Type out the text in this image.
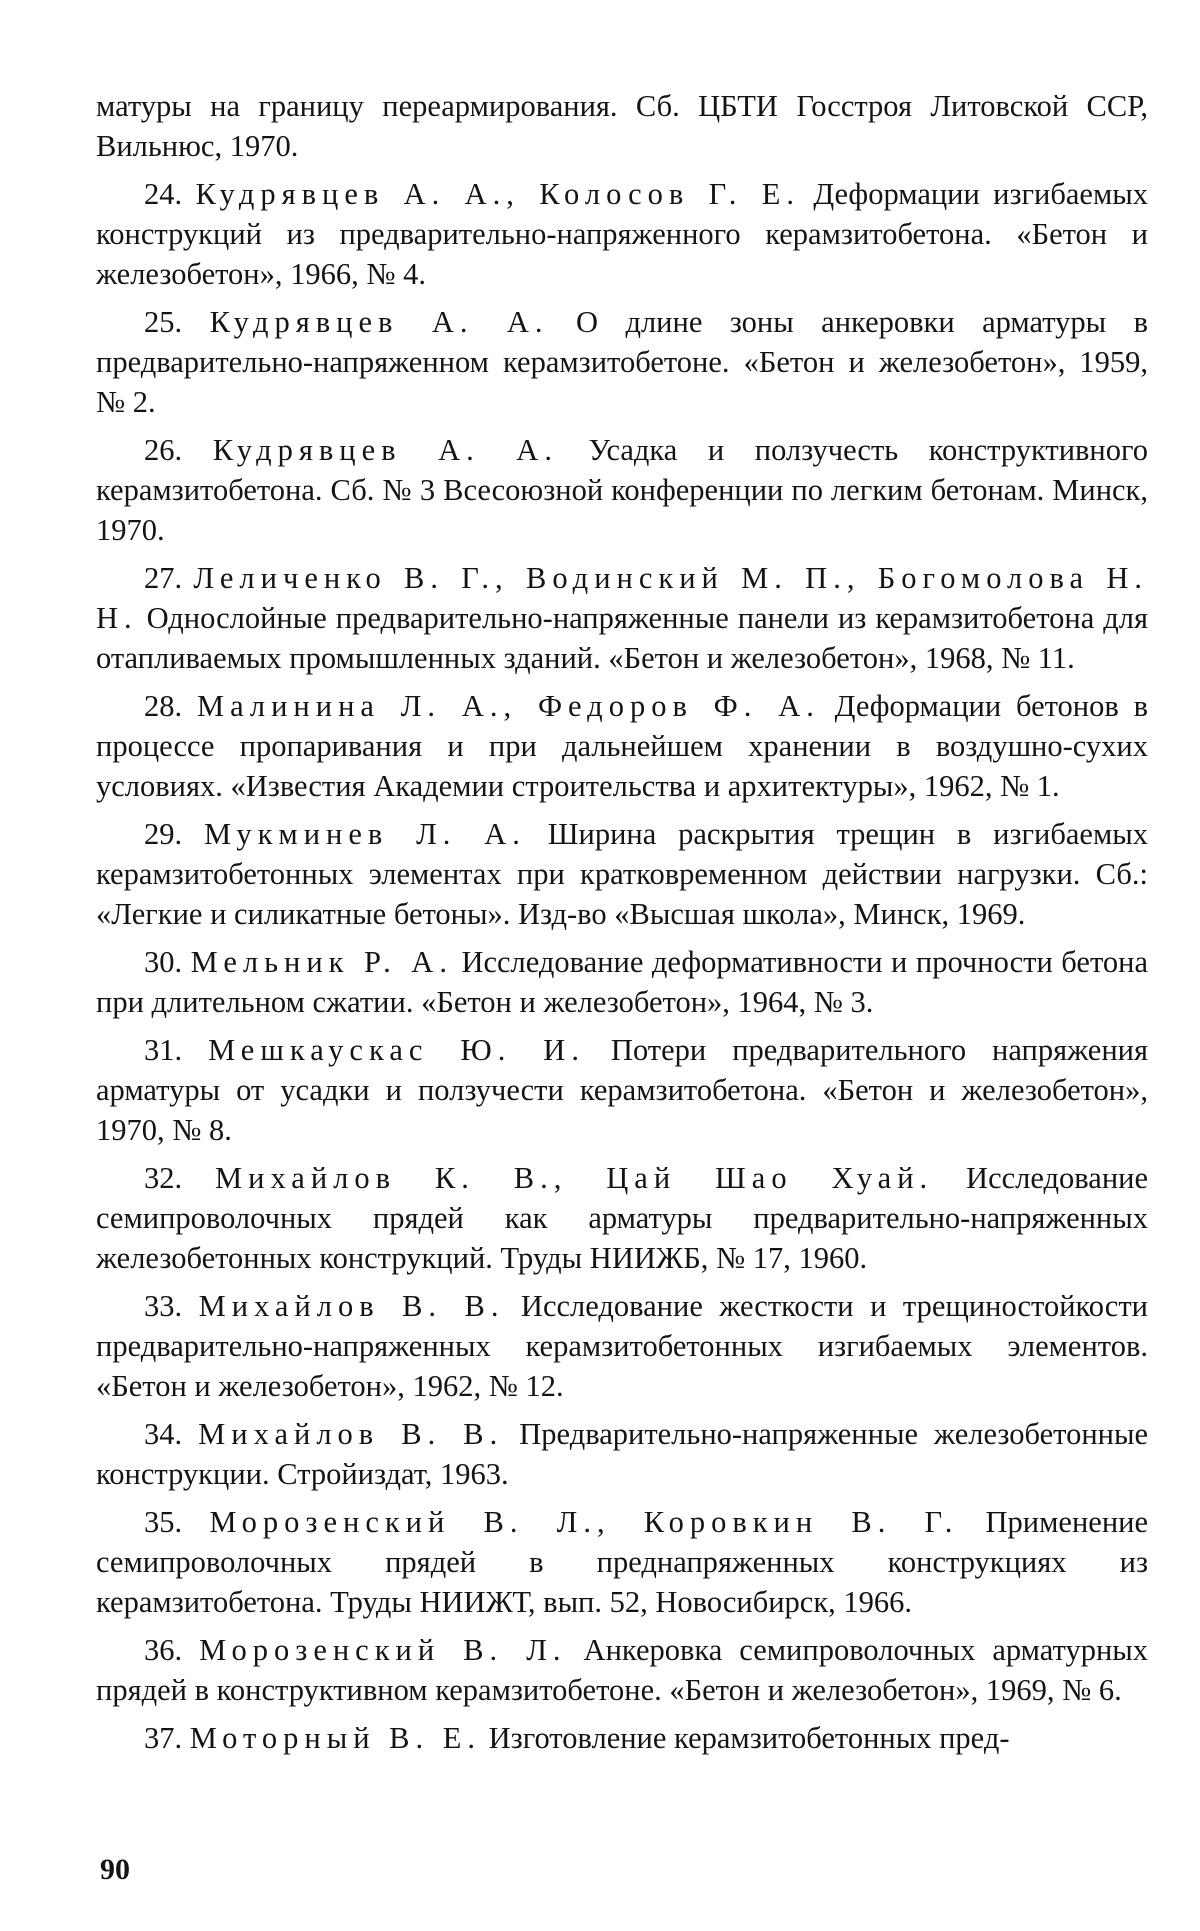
матуры на границу переармирования. Сб. ЦБТИ Госстроя Литовской ССР, Вильнюс, 1970.

24. Кудрявцев А. А., Колосов Г. Е. Деформации изгибаемых конструкций из предварительно-напряженного керамзитобетона. «Бетон и железобетон», 1966, № 4.

25. Кудрявцев А. А. О длине зоны анкеровки арматуры в предварительно-напряженном керамзитобетоне. «Бетон и железобетон», 1959, № 2.

26. Кудрявцев А. А. Усадка и ползучесть конструктивного керамзитобетона. Сб. № 3 Всесоюзной конференции по легким бетонам. Минск, 1970.

27. Леличенко В. Г., Водинский М. П., Богомолова Н. Н. Однослойные предварительно-напряженные панели из керамзитобетона для отапливаемых промышленных зданий. «Бетон и железобетон», 1968, № 11.

28. Малинина Л. А., Федоров Ф. А. Деформации бетонов в процессе пропаривания и при дальнейшем хранении в воздушно-сухих условиях. «Известия Академии строительства и архитектуры», 1962, № 1.

29. Мукминев Л. А. Ширина раскрытия трещин в изгибаемых керамзитобетонных элементах при кратковременном действии нагрузки. Сб.: «Легкие и силикатные бетоны». Изд-во «Высшая школа», Минск, 1969.

30. Мельник Р. А. Исследование деформативности и прочности бетона при длительном сжатии. «Бетон и железобетон», 1964, № 3.

31. Мешкаускас Ю. И. Потери предварительного напряжения арматуры от усадки и ползучести керамзитобетона. «Бетон и железобетон», 1970, № 8.

32. Михайлов К. В., Цай Шао Хуай. Исследование семипроволочных прядей как арматуры предварительно-напряженных железобетонных конструкций. Труды НИИЖБ, № 17, 1960.

33. Михайлов В. В. Исследование жесткости и трещиностойкости предварительно-напряженных керамзитобетонных изгибаемых элементов. «Бетон и железобетон», 1962, № 12.

34. Михайлов В. В. Предварительно-напряженные железобетонные конструкции. Стройиздат, 1963.

35. Морозенский В. Л., Коровкин В. Г. Применение семипроволочных прядей в преднапряженных конструкциях из керамзитобетона. Труды НИИЖТ, вып. 52, Новосибирск, 1966.

36. Морозенский В. Л. Анкеровка семипроволочных арматурных прядей в конструктивном керамзитобетоне. «Бетон и железобетон», 1969, № 6.

37. Моторный В. Е. Изготовление керамзитобетонных пред-

90
